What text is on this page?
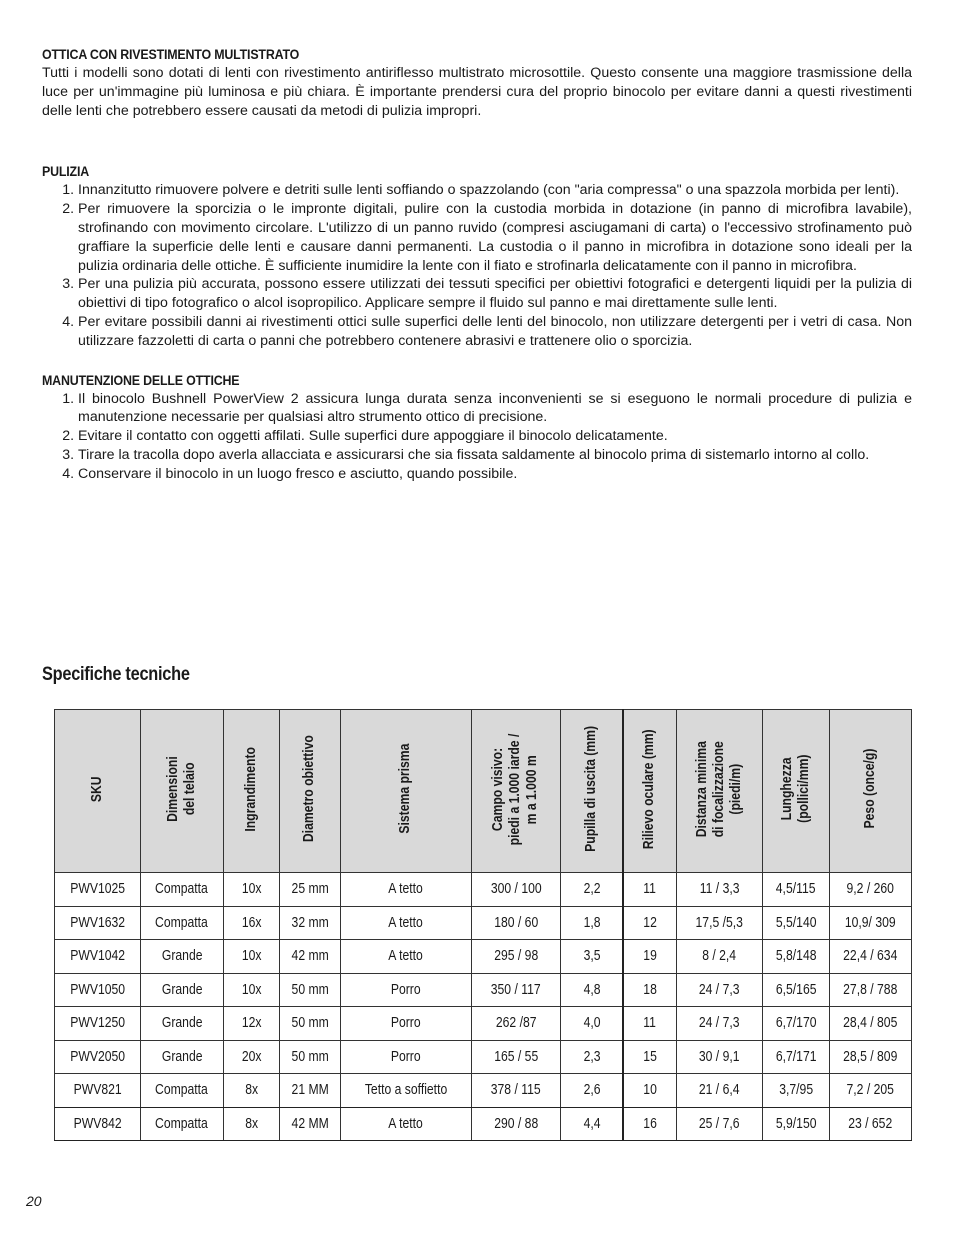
OTTICA CON RIVESTIMENTO MULTISTRATO

Tutti i modelli sono dotati di lenti con rivestimento antiriflesso multistrato microsottile. Questo consente una maggiore trasmissione della luce per un'immagine più luminosa e più chiara. È importante prendersi cura del proprio binocolo per evitare danni a questi rivestimenti delle lenti che potrebbero essere causati da metodi di pulizia impropri.

PULIZIA
1. Innanzitutto rimuovere polvere e detriti sulle lenti soffiando o spazzolando (con "aria compressa" o una spazzola morbida per lenti).
2. Per rimuovere la sporcizia o le impronte digitali, pulire con la custodia morbida in dotazione (in panno di microfibra lavabile), strofinando con movimento circolare. L'utilizzo di un panno ruvido (compresi asciugamani di carta) o l'eccessivo strofinamento può graffiare la superficie delle lenti e causare danni permanenti. La custodia o il panno in microfibra in dotazione sono ideali per la pulizia ordinaria delle ottiche. È sufficiente inumidire la lente con il fiato e strofinarla delicatamente con il panno in microfibra.
3. Per una pulizia più accurata, possono essere utilizzati dei tessuti specifici per obiettivi fotografici e detergenti liquidi per la pulizia di obiettivi di tipo fotografico o alcol isopropilico. Applicare sempre il fluido sul panno e mai direttamente sulle lenti.
4. Per evitare possibili danni ai rivestimenti ottici sulle superfici delle lenti del binocolo, non utilizzare detergenti per i vetri di casa. Non utilizzare fazzoletti di carta o panni che potrebbero contenere abrasivi e trattenere olio o sporcizia.
MANUTENZIONE DELLE OTTICHE
1. Il binocolo Bushnell PowerView 2 assicura lunga durata senza inconvenienti se si eseguono le normali procedure di pulizia e manutenzione necessarie per qualsiasi altro strumento ottico di precisione.
2. Evitare il contatto con oggetti affilati. Sulle superfici dure appoggiare il binocolo delicatamente.
3. Tirare la tracolla dopo averla allacciata e assicurarsi che sia fissata saldamente al binocolo prima di sistemarlo intorno al collo.
4. Conservare il binocolo in un luogo fresco e asciutto, quando possibile.
Specifiche tecniche
SKU	Dimensioni
del telaio	Ingrandimento	Diametro obiettivo	Sistema prisma	Campo visivo:
piedi a 1.000 iarde /
m a 1.000 m	Pupilla di uscita (mm)	Rilievo oculare (mm)	Distanza minima
di focalizzazione
(piedi/m)	Lunghezza
(pollici/mm)	Peso (once/g)
PWV1025	Compatta	10x	25 mm	A tetto	300 / 100	2,2	11	11 / 3,3	4,5/115	9,2 / 260
PWV1632	Compatta	16x	32 mm	A tetto	180 / 60	1,8	12	17,5 /5,3	5,5/140	10,9/ 309
PWV1042	Grande	10x	42 mm	A tetto	295 / 98	3,5	19	8 / 2,4	5,8/148	22,4 / 634
PWV1050	Grande	10x	50 mm	Porro	350 / 117	4,8	18	24 / 7,3	6,5/165	27,8 / 788
PWV1250	Grande	12x	50 mm	Porro	262 /87	4,0	11	24 / 7,3	6,7/170	28,4 / 805
PWV2050	Grande	20x	50 mm	Porro	165 / 55	2,3	15	30 / 9,1	6,7/171	28,5 / 809
PWV821	Compatta	8x	21 MM	Tetto a soffietto	378 / 115	2,6	10	21 / 6,4	3,7/95	7,2 / 205
PWV842	Compatta	8x	42 MM	A tetto	290 / 88	4,4	16	25 / 7,6	5,9/150	23 / 652
20
